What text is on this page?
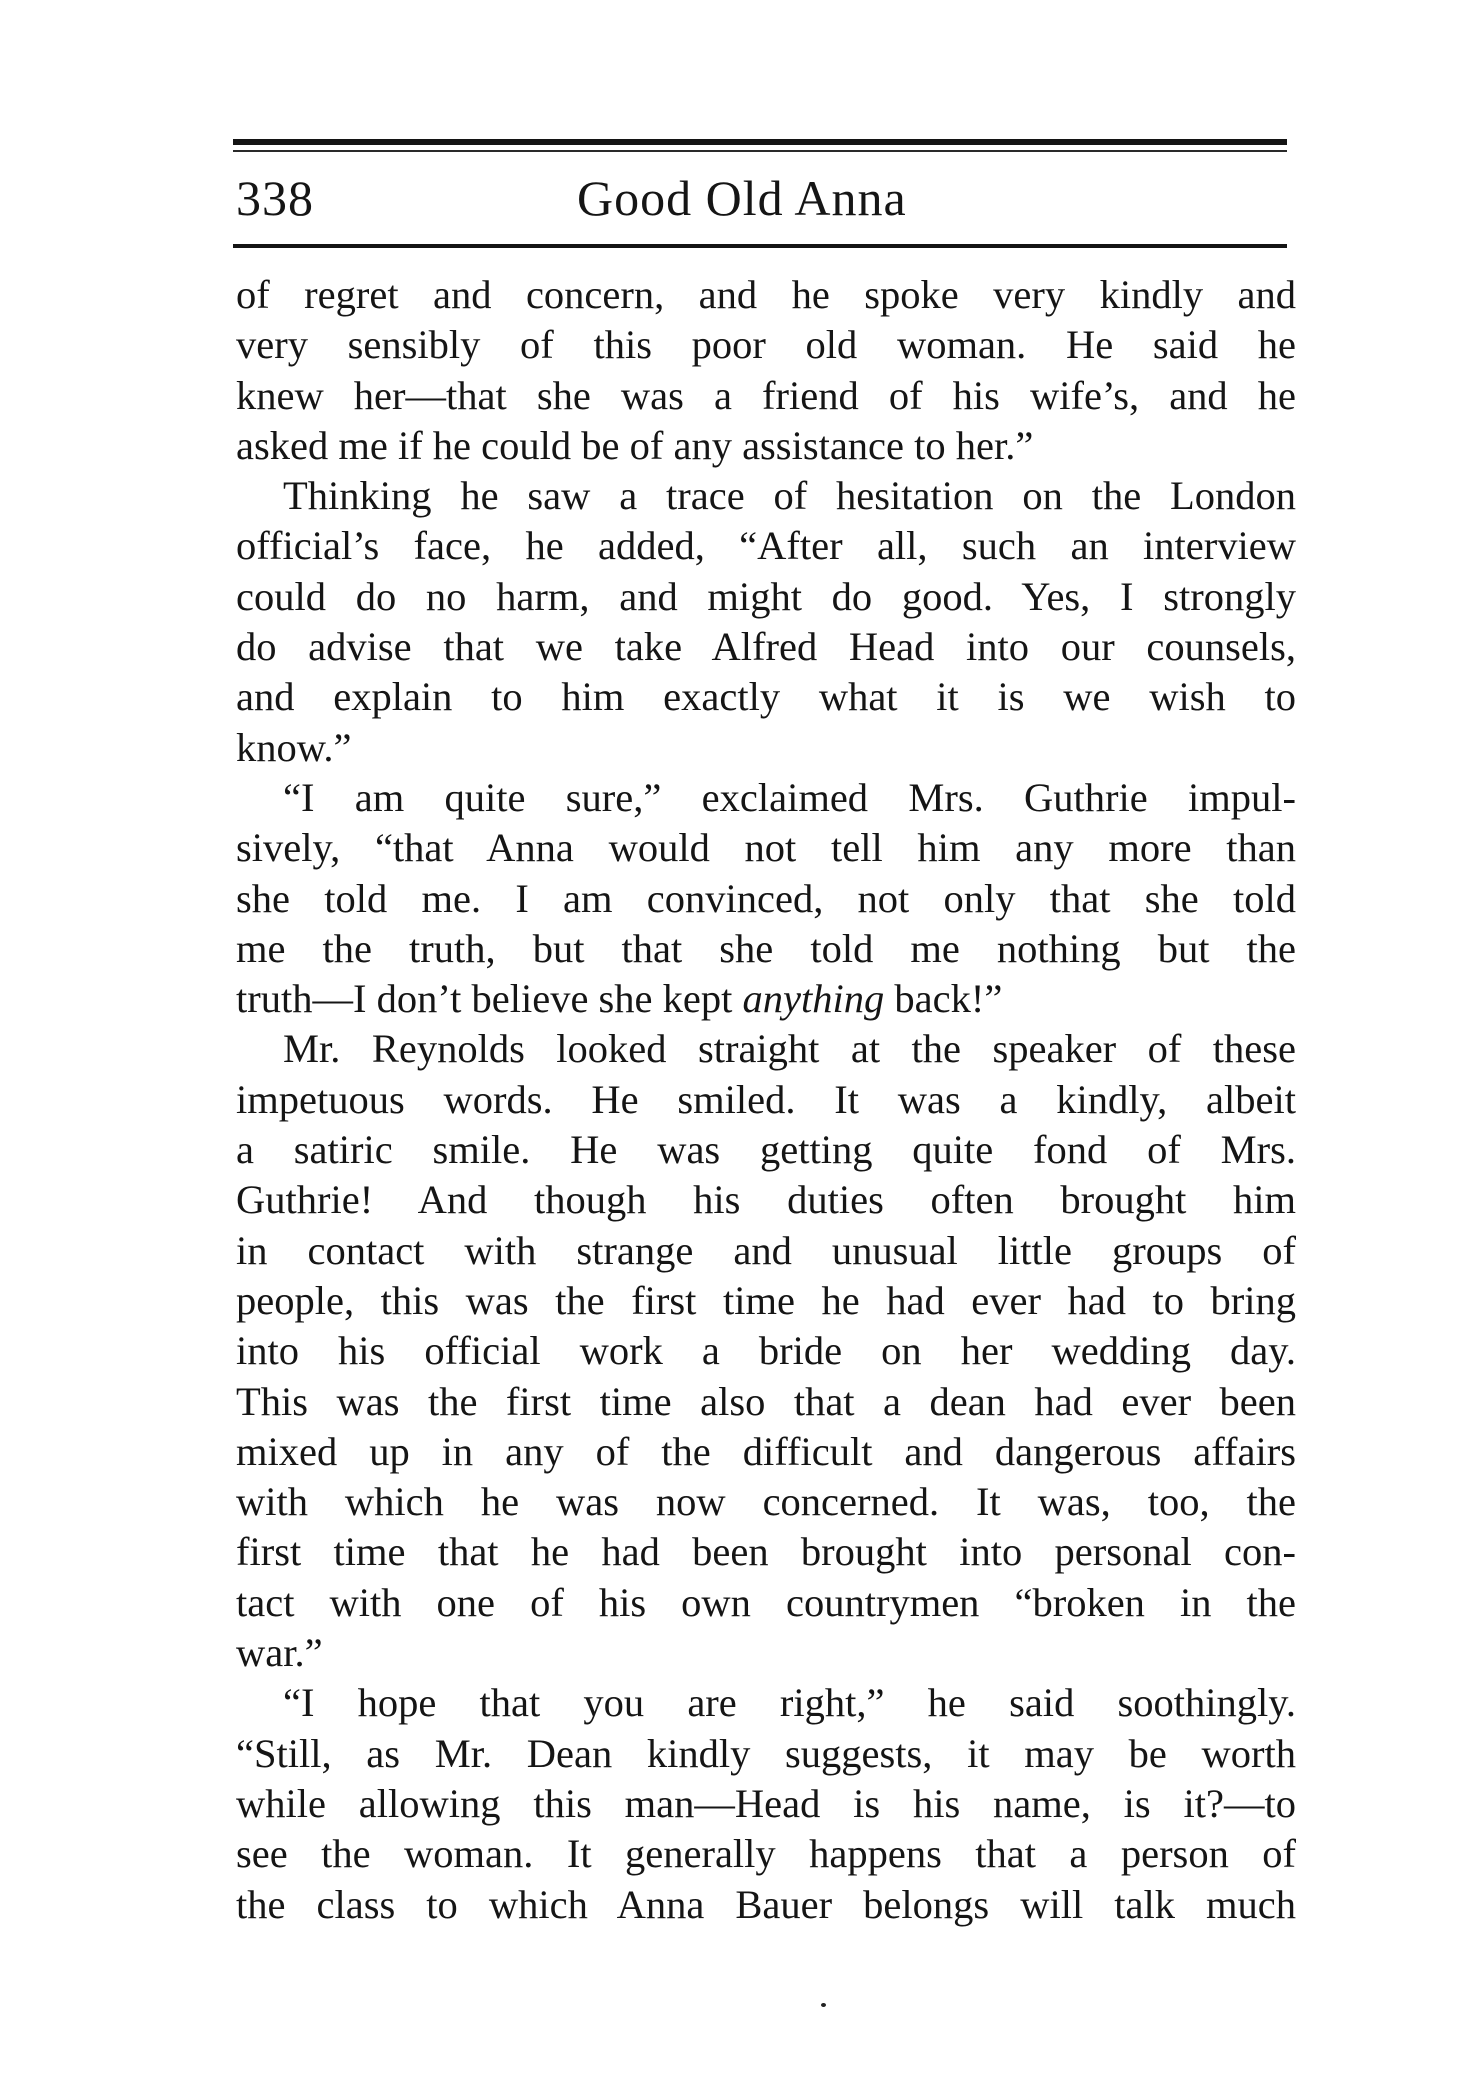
338	Good Old Anna
of regret and concern, and he spoke very kindly and
very sensibly of this poor old woman. He said he
knew her—that she was a friend of his wife’s, and he
asked me if he could be of any assistance to her.”
Thinking he saw a trace of hesitation on the London
official’s face, he added, “After all, such an interview
could do no harm, and might do good. Yes, I strongly
do advise that we take Alfred Head into our counsels,
and explain to him exactly what it is we wish to
know.”
“I am quite sure,” exclaimed Mrs. Guthrie impul-
sively, “that Anna would not tell him any more than
she told me. I am convinced, not only that she told
me the truth, but that she told me nothing but the
truth—I don’t believe she kept anything back!”
Mr. Reynolds looked straight at the speaker of these
impetuous words. He smiled. It was a kindly, albeit
a satiric smile. He was getting quite fond of Mrs.
Guthrie! And though his duties often brought him
in contact with strange and unusual little groups of
people, this was the first time he had ever had to bring
into his official work a bride on her wedding day.
This was the first time also that a dean had ever been
mixed up in any of the difficult and dangerous affairs
with which he was now concerned. It was, too, the
first time that he had been brought into personal con-
tact with one of his own countrymen “broken in the
war.”
“I hope that you are right,” he said soothingly.
“Still, as Mr. Dean kindly suggests, it may be worth
while allowing this man—Head is his name, is it?—to
see the woman. It generally happens that a person of
the class to which Anna Bauer belongs will talk much
